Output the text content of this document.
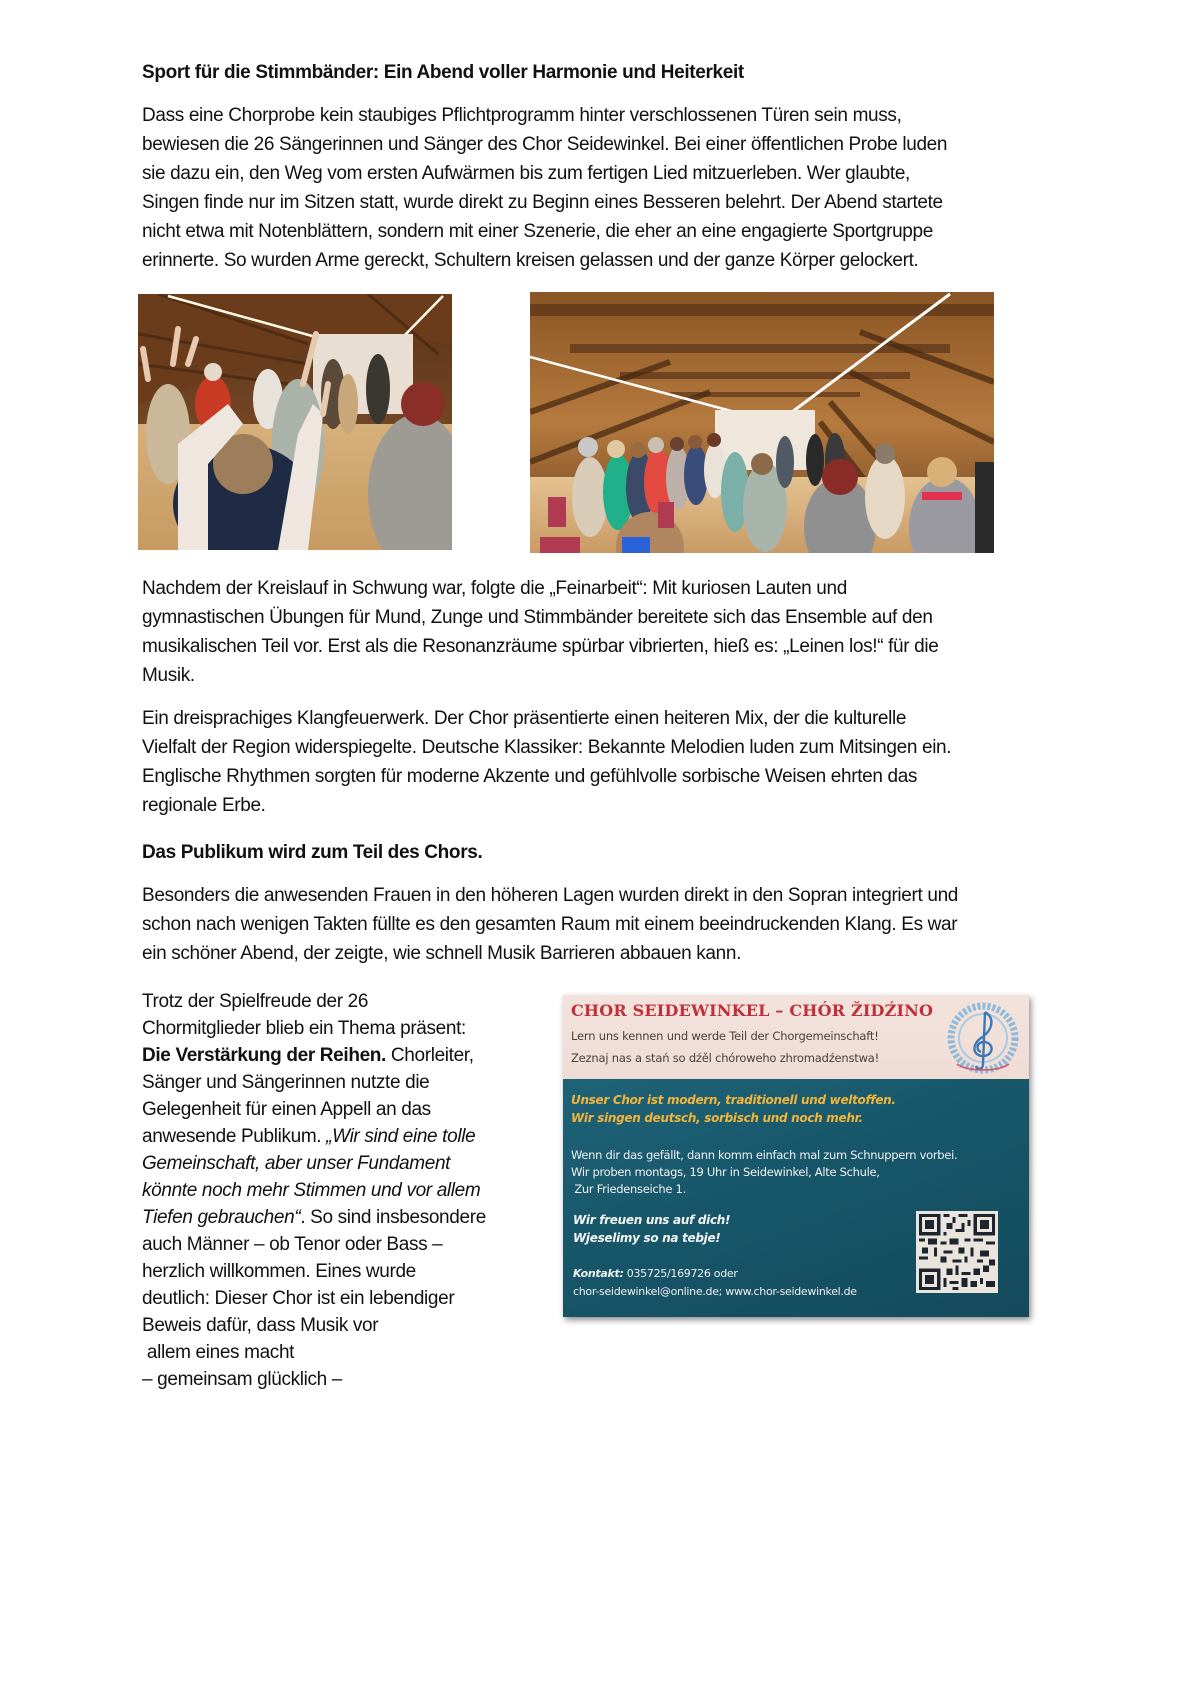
Sport für die Stimmbänder: Ein Abend voller Harmonie und Heiterkeit
Dass eine Chorprobe kein staubiges Pflichtprogramm hinter verschlossenen Türen sein muss,
bewiesen die 26 Sängerinnen und Sänger des Chor Seidewinkel. Bei einer öffentlichen Probe luden
sie dazu ein, den Weg vom ersten Aufwärmen bis zum fertigen Lied mitzuerleben. Wer glaubte,
Singen finde nur im Sitzen statt, wurde direkt zu Beginn eines Besseren belehrt. Der Abend startete
nicht etwa mit Notenblättern, sondern mit einer Szenerie, die eher an eine engagierte Sportgruppe
erinnerte. So wurden Arme gereckt, Schultern kreisen gelassen und der ganze Körper gelockert.
Nachdem der Kreislauf in Schwung war, folgte die „Feinarbeit“: Mit kuriosen Lauten und
gymnastischen Übungen für Mund, Zunge und Stimmbänder bereitete sich das Ensemble auf den
musikalischen Teil vor. Erst als die Resonanzräume spürbar vibrierten, hieß es: „Leinen los!“ für die
Musik.
Ein dreisprachiges Klangfeuerwerk. Der Chor präsentierte einen heiteren Mix, der die kulturelle
Vielfalt der Region widerspiegelte. Deutsche Klassiker: Bekannte Melodien luden zum Mitsingen ein.
Englische Rhythmen sorgten für moderne Akzente und gefühlvolle sorbische Weisen ehrten das
regionale Erbe.
Das Publikum wird zum Teil des Chors.
Besonders die anwesenden Frauen in den höheren Lagen wurden direkt in den Sopran integriert und
schon nach wenigen Takten füllte es den gesamten Raum mit einem beeindruckenden Klang. Es war
ein schöner Abend, der zeigte, wie schnell Musik Barrieren abbauen kann.
Trotz der Spielfreude der 26
Chormitglieder blieb ein Thema präsent:
Die Verstärkung der Reihen. Chorleiter,
Sänger und Sängerinnen nutzte die
Gelegenheit für einen Appell an das
anwesende Publikum. „Wir sind eine tolle
Gemeinschaft, aber unser Fundament
könnte noch mehr Stimmen und vor allem
Tiefen gebrauchen“. So sind insbesondere
auch Männer – ob Tenor oder Bass –
herzlich willkommen. Eines wurde
deutlich: Dieser Chor ist ein lebendiger
Beweis dafür, dass Musik vor
allem eines macht
– gemeinsam glücklich –
CHOR SEIDEWINKEL – CHÓR ŽIDŹINO
Lern uns kennen und werde Teil der Chorgemeinschaft!
Zeznaj nas a stań so dźěl chóroweho zhromadźenstwa!
Unser Chor ist modern, traditionell und weltoffen.
Wir singen deutsch, sorbisch und noch mehr.
Wenn dir das gefällt, dann komm einfach mal zum Schnuppern vorbei.
Wir proben montags, 19 Uhr in Seidewinkel, Alte Schule,
Zur Friedenseiche 1.
Wir freuen uns auf dich!
Wjeselimy so na tebje!
Kontakt: 035725/169726 oder
chor-seidewinkel@online.de; www.chor-seidewinkel.de
